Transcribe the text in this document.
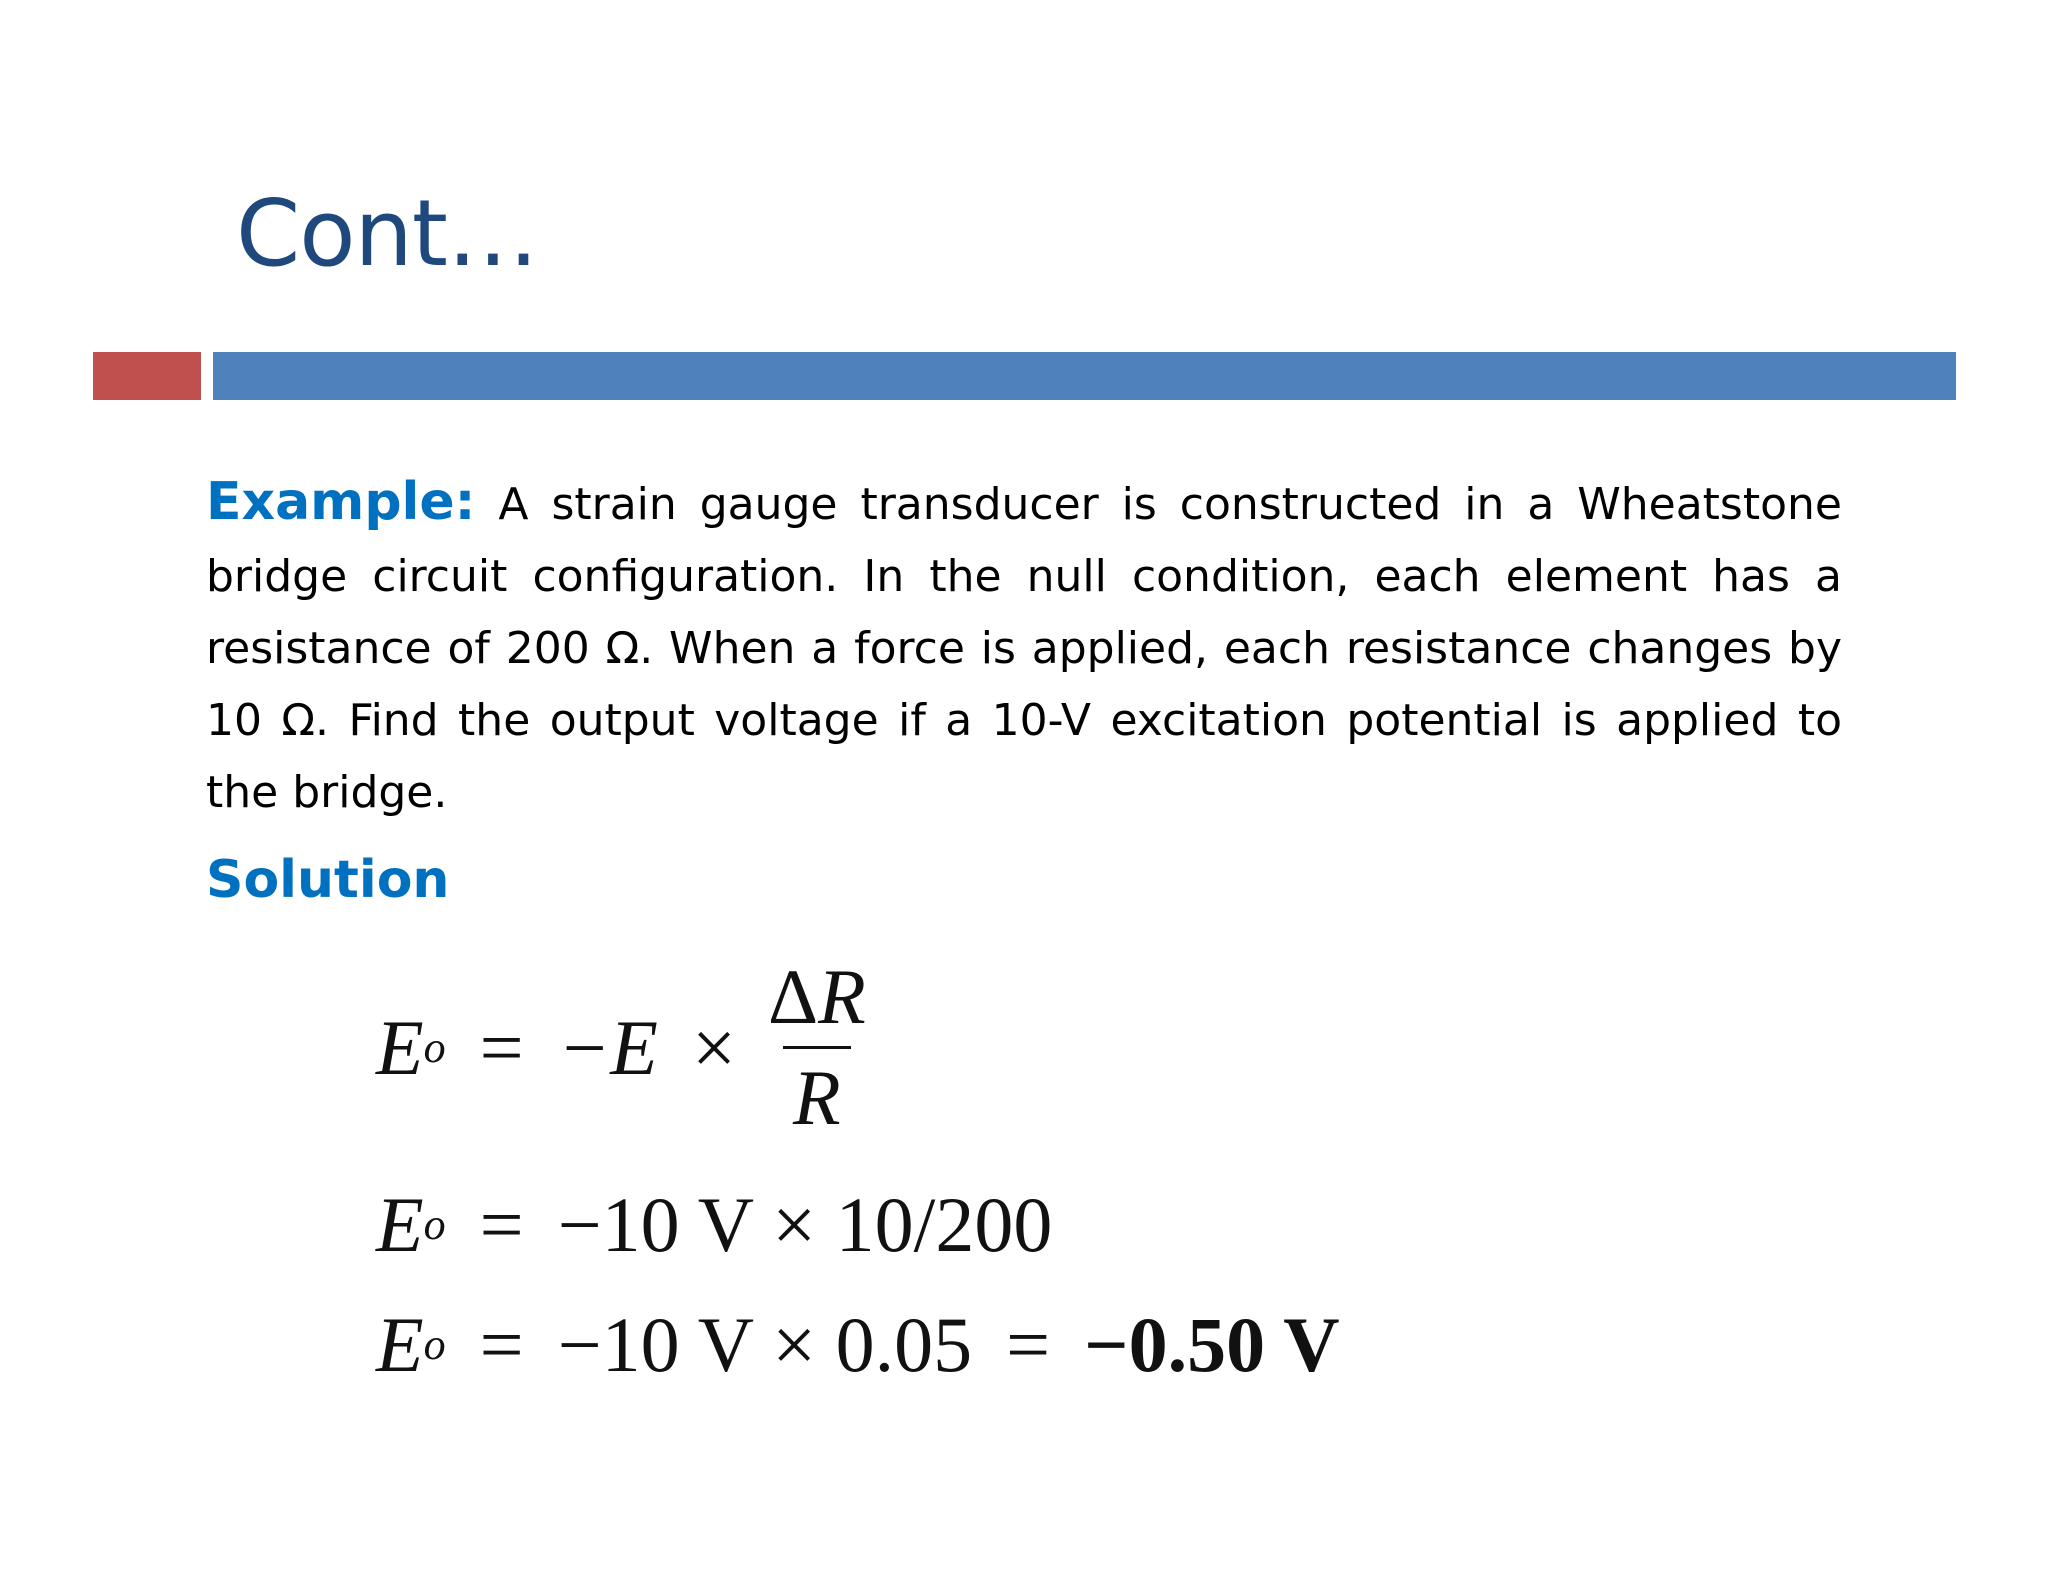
Cont…

Example: A strain gauge transducer is constructed in a Wheatstone bridge circuit configuration. In the null condition, each element has a resistance of 200 Ω. When a force is applied, each resistance changes by 10 Ω. Find the output voltage if a 10-V excitation potential is applied to the bridge.

Solution
E $o = -E \times \frac{\Delta R}{R}$
E o = −10 V × 10/200
E o = −10 V × 0.05 = −0.50 V
